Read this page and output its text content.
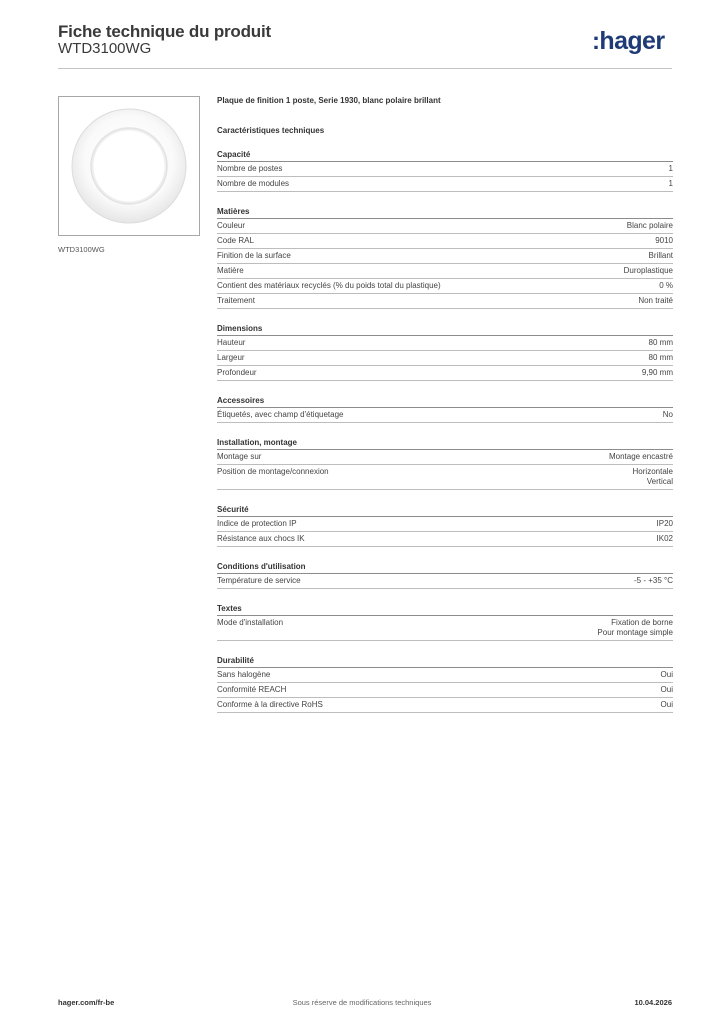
Fiche technique du produit
WTD3100WG	:hager
WTD3100WG

Plaque de finition 1 poste, Serie 1930, blanc polaire brillant

Caractéristiques techniques

Capacité
Nombre de postes	1
Nombre de modules	1
Matières
Couleur	Blanc polaire
Code RAL	9010
Finition de la surface	Brillant
Matière	Duroplastique
Contient des matériaux recyclés (% du poids total du plastique)	0 %
Traitement	Non traité
Dimensions
Hauteur	80 mm
Largeur	80 mm
Profondeur	9,90 mm
Accessoires
Étiquetés, avec champ d'étiquetage	No
Installation, montage
Montage sur	Montage encastré
Position de montage/connexion	Horizontale
Vertical
Sécurité
Indice de protection IP	IP20
Résistance aux chocs IK	IK02
Conditions d'utilisation
Température de service	-5 - +35 °C
Textes
Mode d'installation	Fixation de borne
Pour montage simple
Durabilité
Sans halogène	Oui
Conformité REACH	Oui
Conforme à la directive RoHS	Oui
hager.com/fr-be	Sous réserve de modifications techniques	10.04.2026
